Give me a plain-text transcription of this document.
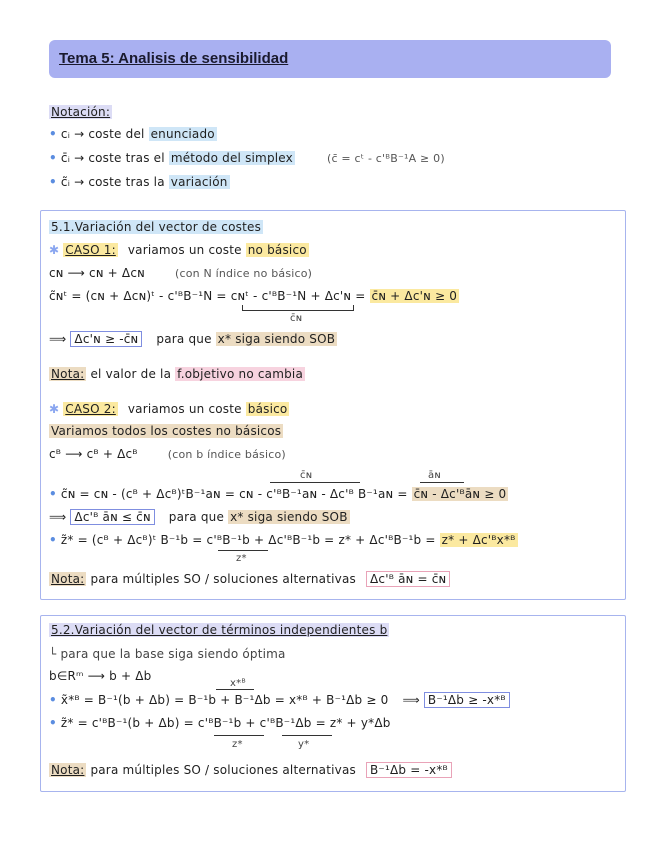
Tema 5: Analisis de sensibilidad
Notación:
• cᵢ → coste del enunciado
• c̄ᵢ → coste tras el método del simplex	(c̄ = cᵗ - c'ᴮB⁻¹A ≥ 0)
• c̃ᵢ → coste tras la variación
5.1.Variación del vector de costes
✱ CASO 1: variamos un coste no básico
cɴ ⟶ cɴ + Δcɴ	(con N índice no básico)
c̃ɴᵗ = (cɴ + Δcɴ)ᵗ - c'ᴮB⁻¹N = cɴᵗ - c'ᴮB⁻¹N + Δc'ɴ = c̄ɴ + Δc'ɴ ≥ 0
c̄ɴ
⟹ Δc'ɴ ≥ -c̄ɴ para que x* siga siendo SOB
Nota: el valor de la f.objetivo no cambia
✱ CASO 2: variamos un coste básico
Variamos todos los costes no básicos
cᴮ ⟶ cᴮ + Δcᴮ	(con b índice básico)
c̄ɴ	āɴ
• c̃ɴ = cɴ - (cᴮ + Δcᴮ)ᵗB⁻¹aɴ = cɴ - c'ᴮB⁻¹aɴ - Δc'ᴮ B⁻¹aɴ = c̄ɴ - Δc'ᴮāɴ ≥ 0
⟹ Δc'ᴮ āɴ ≤ c̄ɴ para que x* siga siendo SOB
• z̃* = (cᴮ + Δcᴮ)ᵗ B⁻¹b = c'ᴮB⁻¹b + Δc'ᴮB⁻¹b = z* + Δc'ᴮB⁻¹b = z* + Δc'ᴮx*ᴮ
z*
Nota: para múltiples SO / soluciones alternativas Δc'ᴮ āɴ = c̄ɴ
5.2.Variación del vector de términos independientes b
└ para que la base siga siendo óptima
b∈Rᵐ ⟶ b + Δb
x*ᴮ
• x̃*ᴮ = B⁻¹(b + Δb) = B⁻¹b + B⁻¹Δb = x*ᴮ + B⁻¹Δb ≥ 0 ⟹ B⁻¹Δb ≥ -x*ᴮ
• z̃* = c'ᴮB⁻¹(b + Δb) = c'ᴮB⁻¹b + c'ᴮB⁻¹Δb = z* + y*Δb
z*	y*
Nota: para múltiples SO / soluciones alternativas B⁻¹Δb = -x*ᴮ
